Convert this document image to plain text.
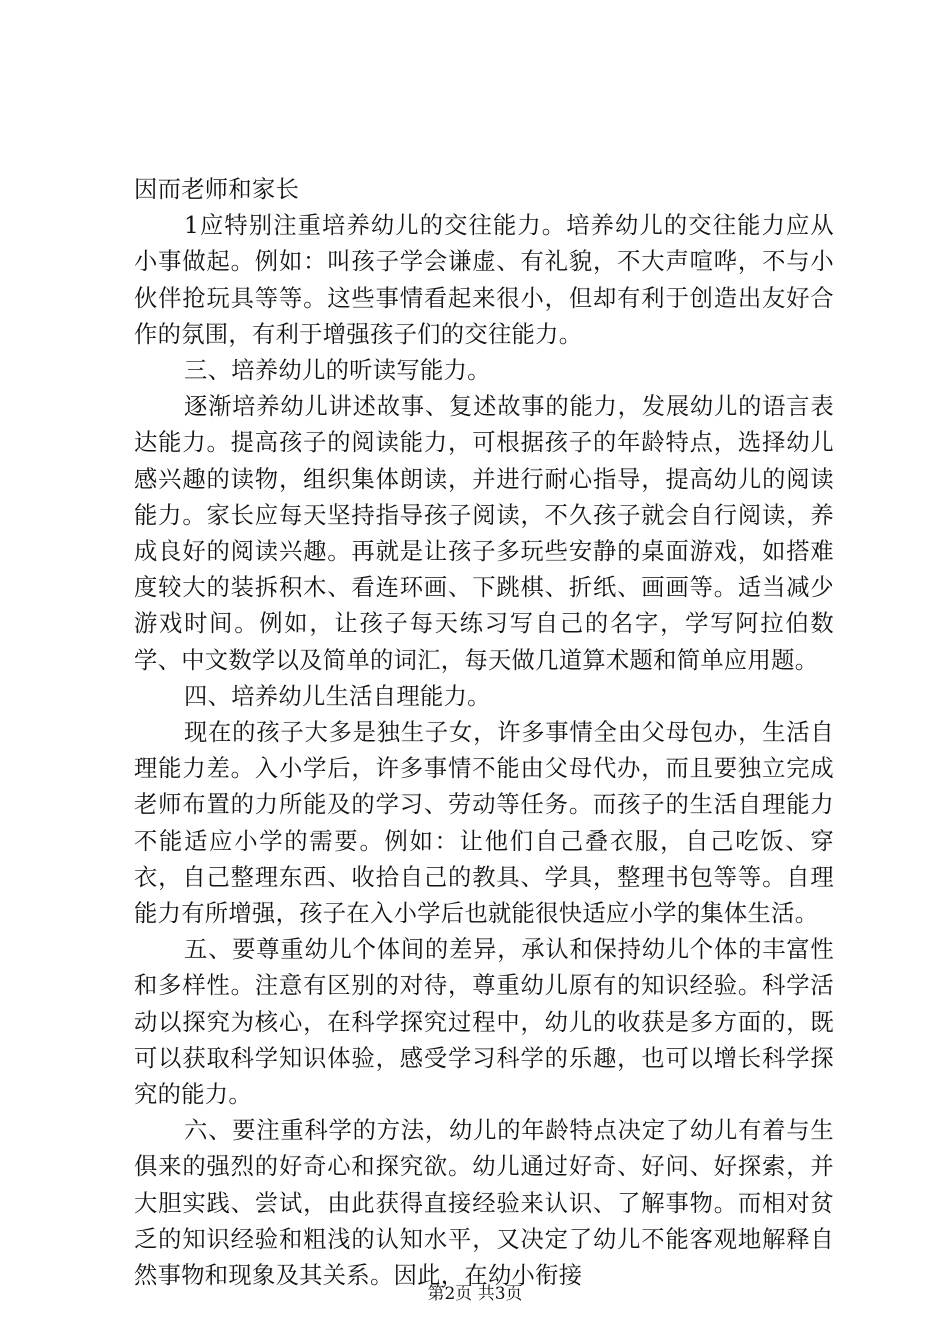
因而老师和家长

1应特别注重培养幼儿的交往能力。培养幼儿的交往能力应从小事做起。例如：叫孩子学会谦虚、有礼貌，不大声喧哗，不与小伙伴抢玩具等等。这些事情看起来很小，但却有利于创造出友好合作的氛围，有利于增强孩子们的交往能力。

三、培养幼儿的听读写能力。

逐渐培养幼儿讲述故事、复述故事的能力，发展幼儿的语言表达能力。提高孩子的阅读能力，可根据孩子的年龄特点，选择幼儿感兴趣的读物，组织集体朗读，并进行耐心指导，提高幼儿的阅读能力。家长应每天坚持指导孩子阅读，不久孩子就会自行阅读，养成良好的阅读兴趣。再就是让孩子多玩些安静的桌面游戏，如搭难度较大的装拆积木、看连环画、下跳棋、折纸、画画等。适当减少游戏时间。例如，让孩子每天练习写自己的名字，学写阿拉伯数学、中文数学以及简单的词汇，每天做几道算术题和简单应用题。

四、培养幼儿生活自理能力。

现在的孩子大多是独生子女，许多事情全由父母包办，生活自理能力差。入小学后，许多事情不能由父母代办，而且要独立完成老师布置的力所能及的学习、劳动等任务。而孩子的生活自理能力不能适应小学的需要。例如：让他们自己叠衣服，自己吃饭、穿衣，自己整理东西、收拾自己的教具、学具，整理书包等等。自理能力有所增强，孩子在入小学后也就能很快适应小学的集体生活。

五、要尊重幼儿个体间的差异，承认和保持幼儿个体的丰富性和多样性。注意有区别的对待，尊重幼儿原有的知识经验。科学活动以探究为核心，在科学探究过程中，幼儿的收获是多方面的，既可以获取科学知识体验，感受学习科学的乐趣，也可以增长科学探究的能力。

六、要注重科学的方法，幼儿的年龄特点决定了幼儿有着与生俱来的强烈的好奇心和探究欲。幼儿通过好奇、好问、好探索，并大胆实践、尝试，由此获得直接经验来认识、了解事物。而相对贫乏的知识经验和粗浅的认知水平，又决定了幼儿不能客观地解释自然事物和现象及其关系。因此，在幼小衔接

第2页 共3页
